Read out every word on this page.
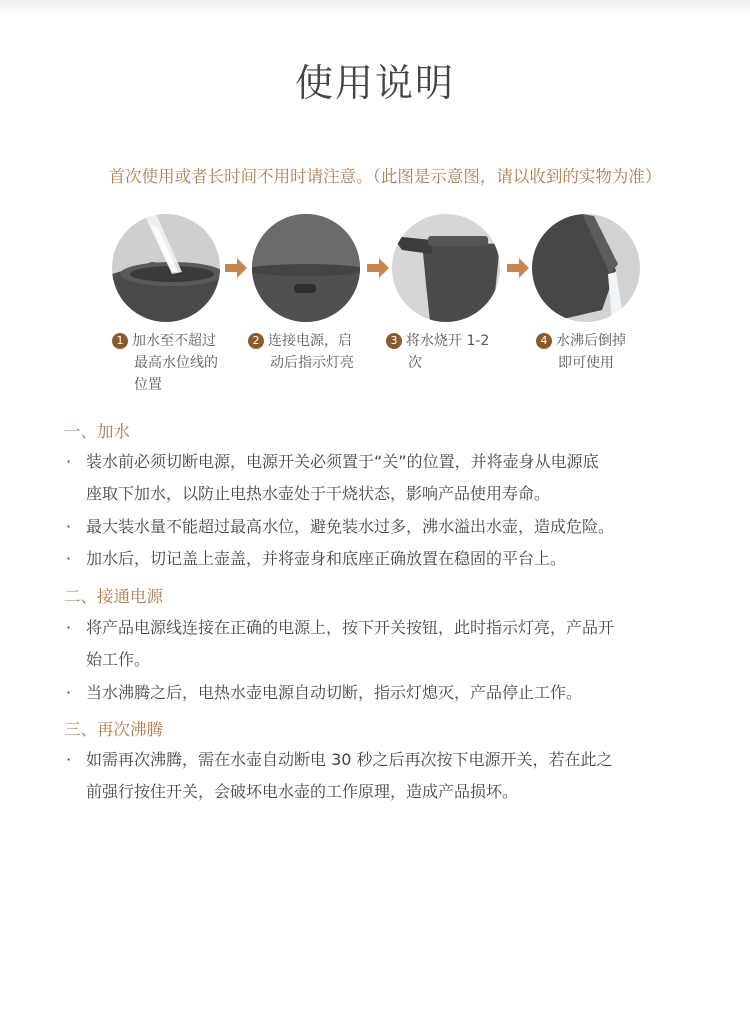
使用说明
首次使用或者长时间不用时请注意。（此图是示意图，请以收到的实物为准）
1 加水至不超过
最高水位线的
位置
2 连接电源，启
动后指示灯亮
3 将水烧开 1-2
次
4 水沸后倒掉
即可使用
一、加水
· 装水前必须切断电源，电源开关必须置于“关”的位置，并将壶身从电源底
座取下加水，以防止电热水壶处于干烧状态，影响产品使用寿命。
· 最大装水量不能超过最高水位，避免装水过多，沸水溢出水壶，造成危险。
· 加水后，切记盖上壶盖，并将壶身和底座正确放置在稳固的平台上。
二、接通电源
· 将产品电源线连接在正确的电源上，按下开关按钮，此时指示灯亮，产品开
始工作。
· 当水沸腾之后，电热水壶电源自动切断，指示灯熄灭，产品停止工作。
三、再次沸腾
· 如需再次沸腾，需在水壶自动断电 30 秒之后再次按下电源开关，若在此之
前强行按住开关，会破坏电水壶的工作原理，造成产品损坏。
